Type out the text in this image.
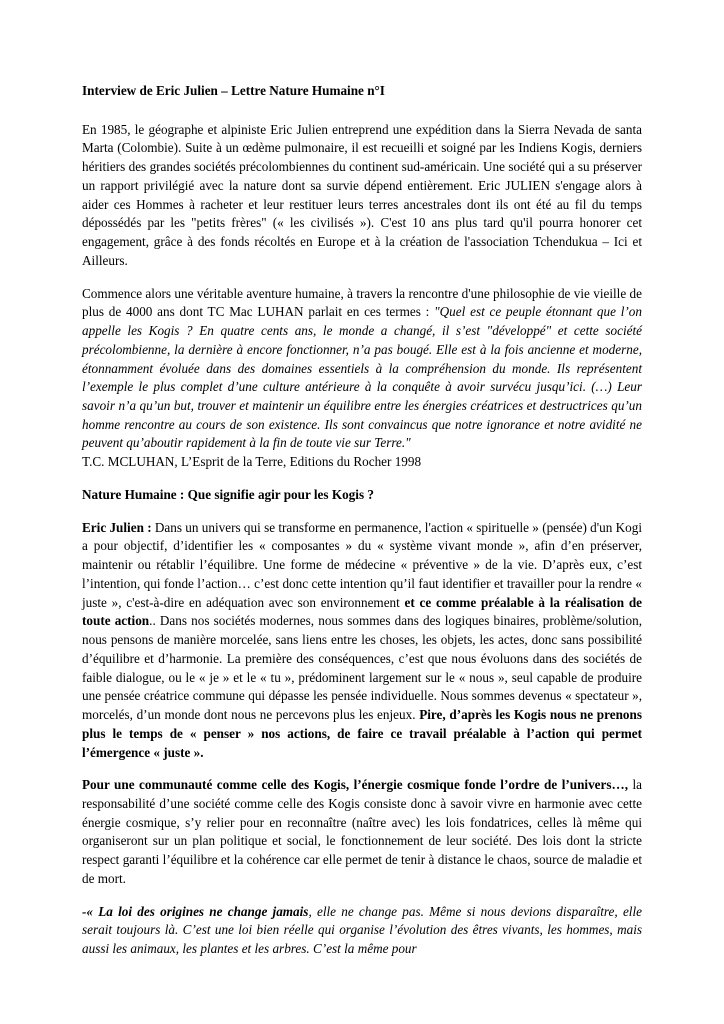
Interview de Eric Julien – Lettre Nature Humaine n°I

En 1985, le géographe et alpiniste Eric Julien entreprend une expédition dans la Sierra Nevada de santa Marta (Colombie). Suite à un œdème pulmonaire, il est recueilli et soigné par les Indiens Kogis, derniers héritiers des grandes sociétés précolombiennes du continent sud-américain. Une société qui a su préserver un rapport privilégié avec la nature dont sa survie dépend entièrement. Eric JULIEN s'engage alors à aider ces Hommes à racheter et leur restituer leurs terres ancestrales dont ils ont été au fil du temps dépossédés par les "petits frères" (« les civilisés »). C'est 10 ans plus tard qu'il pourra honorer cet engagement, grâce à des fonds récoltés en Europe et à la création de l'association Tchendukua – Ici et Ailleurs.

Commence alors une véritable aventure humaine, à travers la rencontre d'une philosophie de vie vieille de plus de 4000 ans dont TC Mac LUHAN parlait en ces termes : "Quel est ce peuple étonnant que l’on appelle les Kogis ? En quatre cents ans, le monde a changé, il s’est "développé" et cette société précolombienne, la dernière à encore fonctionner, n’a pas bougé. Elle est à la fois ancienne et moderne, étonnamment évoluée dans des domaines essentiels à la compréhension du monde. Ils représentent l’exemple le plus complet d’une culture antérieure à la conquête à avoir survécu jusqu’ici. (…) Leur savoir n’a qu’un but, trouver et maintenir un équilibre entre les énergies créatrices et destructrices qu’un homme rencontre au cours de son existence. Ils sont convaincus que notre ignorance et notre avidité ne peuvent qu’aboutir rapidement à la fin de toute vie sur Terre."

T.C. MCLUHAN, L’Esprit de la Terre, Editions du Rocher 1998

Nature Humaine : Que signifie agir pour les Kogis ?

Eric Julien : Dans un univers qui se transforme en permanence, l'action « spirituelle » (pensée) d'un Kogi a pour objectif, d’identifier les « composantes » du « système vivant monde », afin d’en préserver, maintenir ou rétablir l’équilibre. Une forme de médecine « préventive » de la vie. D’après eux, c’est l’intention, qui fonde l’action… c’est donc cette intention qu’il faut identifier et travailler pour la rendre « juste », c'est-à-dire en adéquation avec son environnement et ce comme préalable à la réalisation de toute action.. Dans nos sociétés modernes, nous sommes dans des logiques binaires, problème/solution, nous pensons de manière morcelée, sans liens entre les choses, les objets, les actes, donc sans possibilité d’équilibre et d’harmonie. La première des conséquences, c’est que nous évoluons dans des sociétés de faible dialogue, ou le « je » et le « tu », prédominent largement sur le « nous », seul capable de produire une pensée créatrice commune qui dépasse les pensée individuelle. Nous sommes devenus « spectateur », morcelés, d’un monde dont nous ne percevons plus les enjeux. Pire, d’après les Kogis nous ne prenons plus le temps de « penser » nos actions, de faire ce travail préalable à l’action qui permet l’émergence « juste ».

Pour une communauté comme celle des Kogis, l’énergie cosmique fonde l’ordre de l’univers…, la responsabilité d’une société comme celle des Kogis consiste donc à savoir vivre en harmonie avec cette énergie cosmique, s’y relier pour en reconnaître (naître avec) les lois fondatrices, celles là même qui organiseront sur un plan politique et social, le fonctionnement de leur société. Des lois dont la stricte respect garanti l’équilibre et la cohérence car elle permet de tenir à distance le chaos, source de maladie et de mort.

-« La loi des origines ne change jamais, elle ne change pas. Même si nous devions disparaître, elle serait toujours là. C’est une loi bien réelle qui organise l’évolution des êtres vivants, les hommes, mais aussi les animaux, les plantes et les arbres. C’est la même pour
